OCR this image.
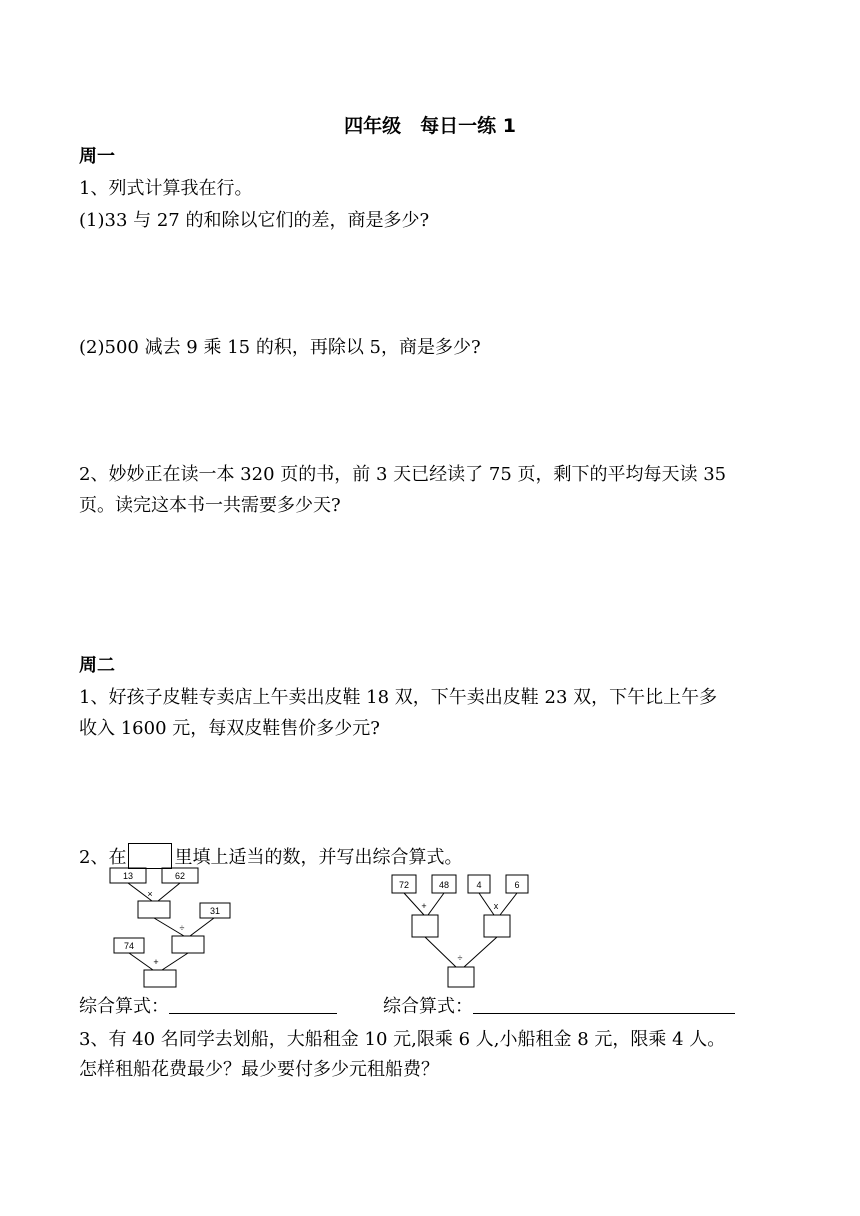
四年级　每日一练 1
周一
1、列式计算我在行。
(1)33 与 27 的和除以它们的差，商是多少?
(2)500 减去 9 乘 15 的积，再除以 5，商是多少?
2、妙妙正在读一本 320 页的书，前 3 天已经读了 75 页，剩下的平均每天读 35
页。读完这本书一共需要多少天?
周二
1、好孩子皮鞋专卖店上午卖出皮鞋 18 双，下午卖出皮鞋 23 双，下午比上午多
收入 1600 元，每双皮鞋售价多少元?
2、在	里填上适当的数，并写出综合算式。
13	62
×
31
÷
74
+
72	48	4	6
+	x
÷
综合算式：	综合算式：
3、有 40 名同学去划船，大船租金 10 元,限乘 6 人,小船租金 8 元，限乘 4 人。
怎样租船花费最少？最少要付多少元租船费？
